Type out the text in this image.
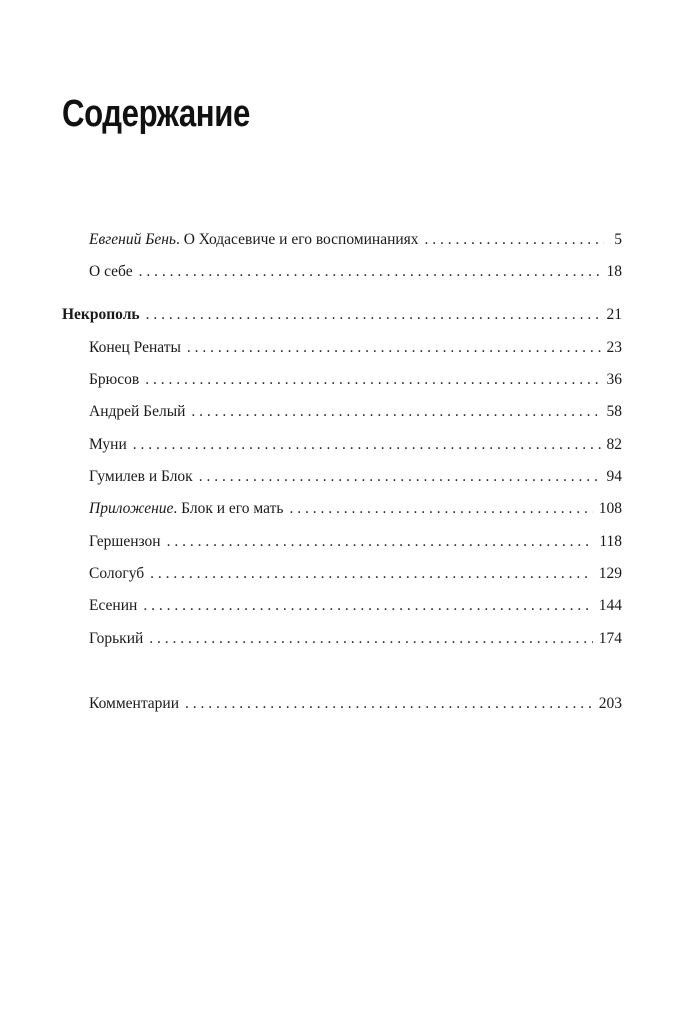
Содержание
Евгений Бень. О Ходасевиче и его воспоминаниях . . .	5
О себе . . .	18
Некрополь . . .	21
Конец Ренаты . . .	23
Брюсов . . .	36
Андрей Белый . . .	58
Муни . . .	82
Гумилев и Блок . . .	94
Приложение. Блок и его мать . . .	108
Гершензон . . .	118
Сологуб . . .	129
Есенин . . .	144
Горький . . .	174
Комментарии . . .	203
